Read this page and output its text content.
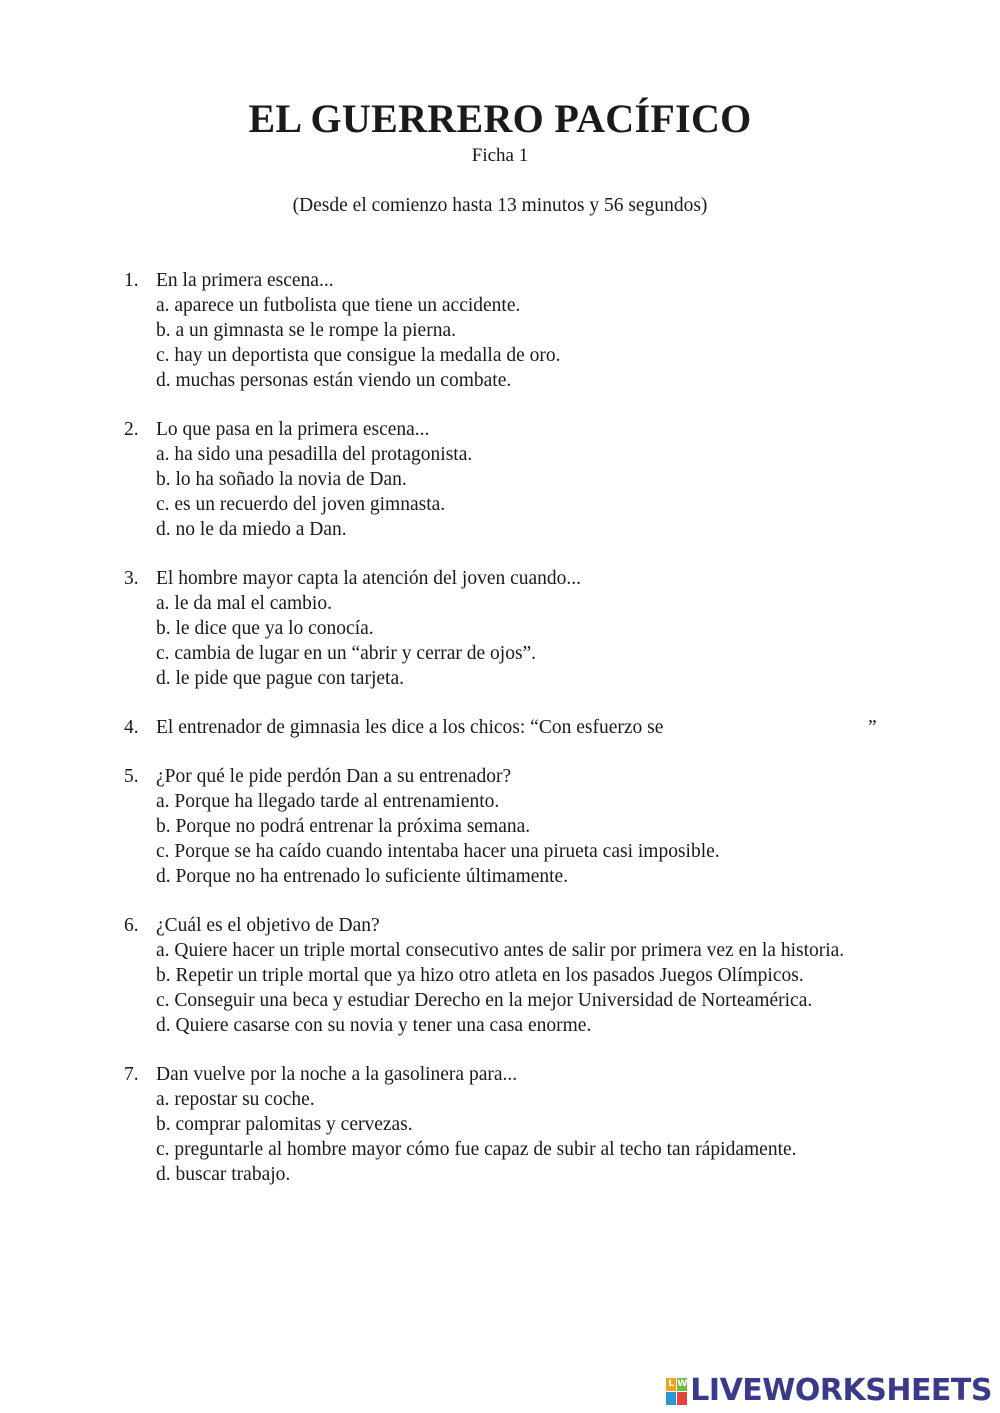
EL GUERRERO PACÍFICO
Ficha 1
(Desde el comienzo hasta 13 minutos y 56 segundos)
1. En la primera escena...
a. aparece un futbolista que tiene un accidente.
b. a un gimnasta se le rompe la pierna.
c. hay un deportista que consigue la medalla de oro.
d. muchas personas están viendo un combate.
2. Lo que pasa en la primera escena...
a. ha sido una pesadilla del protagonista.
b. lo ha soñado la novia de Dan.
c. es un recuerdo del joven gimnasta.
d. no le da miedo a Dan.
3. El hombre mayor capta la atención del joven cuando...
a. le da mal el cambio.
b. le dice que ya lo conocía.
c. cambia de lugar en un “abrir y cerrar de ojos”.
d. le pide que pague con tarjeta.
4. El entrenador de gimnasia les dice a los chicos: “Con esfuerzo se	”
5. ¿Por qué le pide perdón Dan a su entrenador?
a. Porque ha llegado tarde al entrenamiento.
b. Porque no podrá entrenar la próxima semana.
c. Porque se ha caído cuando intentaba hacer una pirueta casi imposible.
d. Porque no ha entrenado lo suficiente últimamente.
6. ¿Cuál es el objetivo de Dan?
a. Quiere hacer un triple mortal consecutivo antes de salir por primera vez en la historia.
b. Repetir un triple mortal que ya hizo otro atleta en los pasados Juegos Olímpicos.
c. Conseguir una beca y estudiar Derecho en la mejor Universidad de Norteamérica.
d. Quiere casarse con su novia y tener una casa enorme.
7. Dan vuelve por la noche a la gasolinera para...
a. repostar su coche.
b. comprar palomitas y cervezas.
c. preguntarle al hombre mayor cómo fue capaz de subir al techo tan rápidamente.
d. buscar trabajo.
L W LIVEWORKSHEETS
